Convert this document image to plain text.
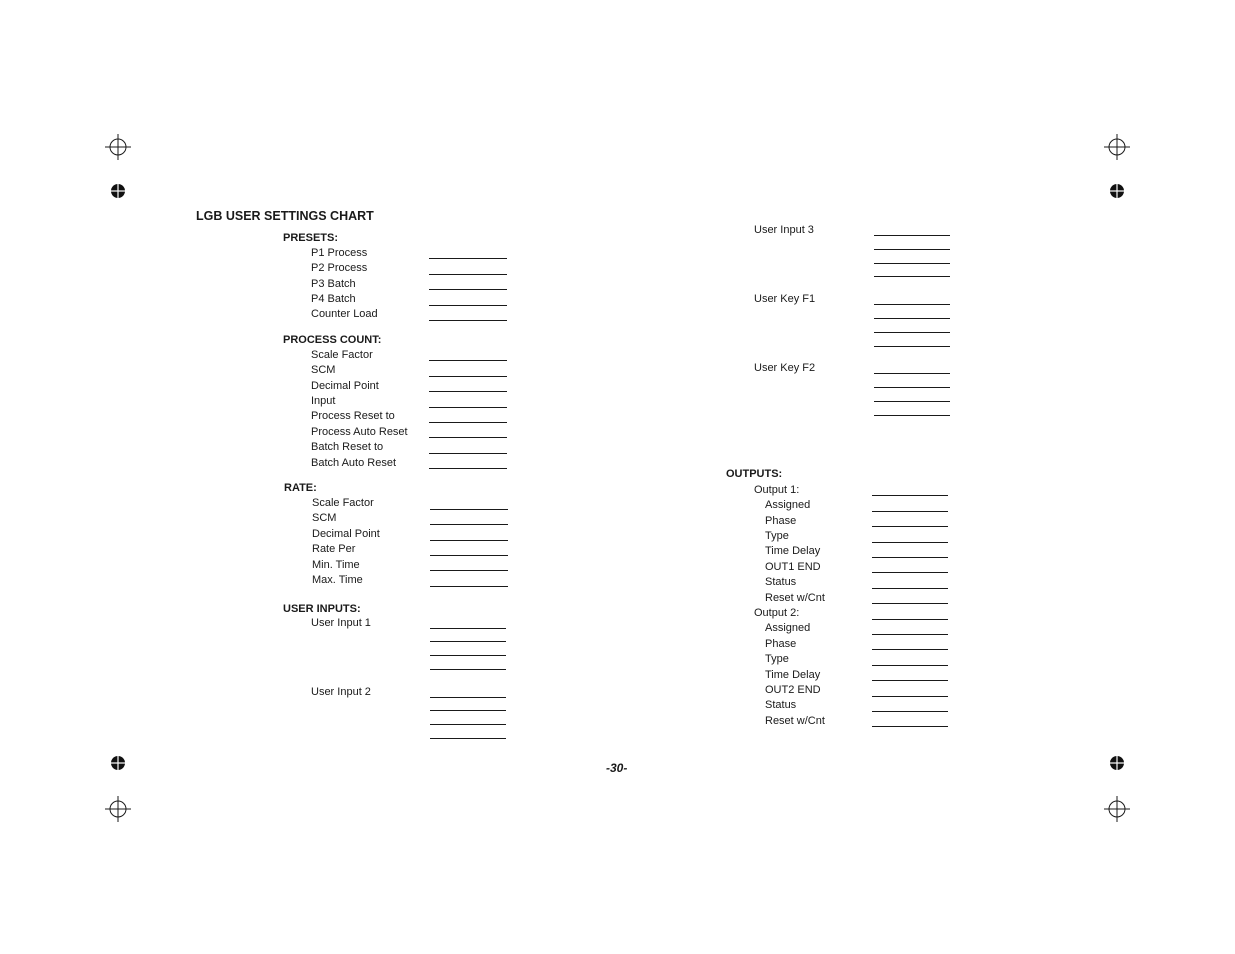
LGB USER SETTINGS CHART
PRESETS:
P1 Process
P2 Process
P3 Batch
P4 Batch
Counter Load
PROCESS COUNT:
Scale Factor
SCM
Decimal Point
Input
Process Reset to
Process Auto Reset
Batch Reset to
Batch Auto Reset
RATE:
Scale Factor
SCM
Decimal Point
Rate Per
Min. Time
Max. Time
USER INPUTS:
User Input 1
User Input 2
User Input 3
User Key F1
User Key F2
OUTPUTS:
Output 1:
Assigned
Phase
Type
Time Delay
OUT1 END
Status
Reset w/Cnt
Output 2:
Assigned
Phase
Type
Time Delay
OUT2 END
Status
Reset w/Cnt
-30-
